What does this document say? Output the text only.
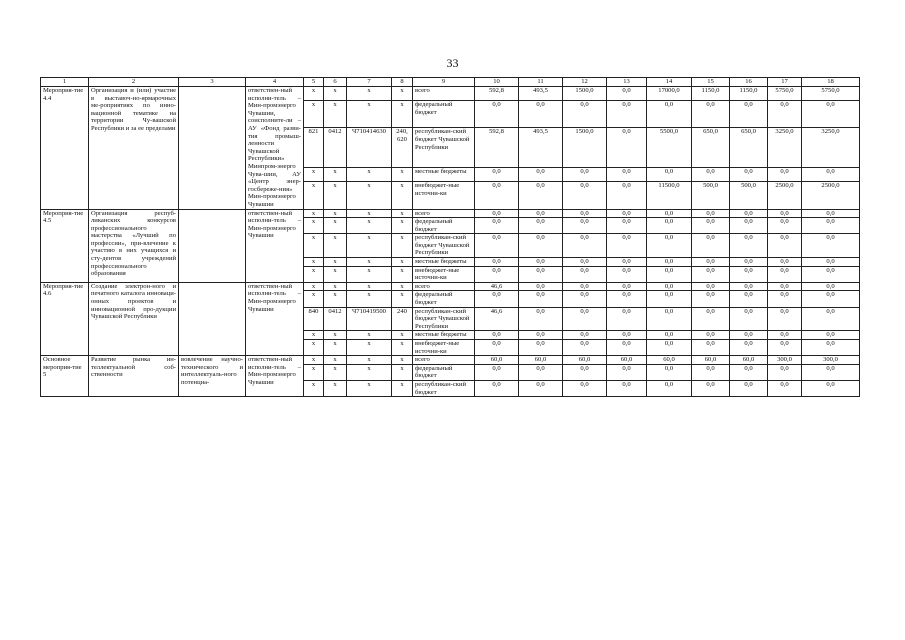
33
1	2	3	4	5	6	7	8	9	10	11	12	13	14	15	16	17	18
Мероприя-тие 4.4	Организация и (или) участие в выставоч-но-ярмарочных ме-роприятиях по инно-вационной тематике на территории Чу-вашской Республики и за ее пределами		ответствен-ный исполни-тель – Мин-промэнерго Чувашии, соисполните-ли – АУ «Фонд разви-тия промыш-ленности Чувашской Республики» Минпром-энерго Чува-шии, АУ «Центр энер-госбереже-ния» Мин-промэнерго Чувашии	х	х	х	х	всего	592,8	493,5	1500,0	0,0	17000,0	1150,0	1150,0	5750,0	5750,0
				х	х	х	х	федеральный бюджет	0,0	0,0	0,0	0,0	0,0	0,0	0,0	0,0	0,0
				821	0412	Ч710414630	240, 620	республикан-ский бюджет Чувашской Республики	592,8	493,5	1500,0	0,0	5500,0	650,0	650,0	3250,0	3250,0
				х	х	х	х	местные бюджеты	0,0	0,0	0,0	0,0	0,0	0,0	0,0	0,0	0,0
				х	х	х	х	внебюджет-ные источни-ки	0,0	0,0	0,0	0,0	11500,0	500,0	500,0	2500,0	2500,0
Мероприя-тие 4.5	Организация респуб-ликанских конкурсов профессионального мастерства «Лучший по профессии», при-влечение к участию в них учащихся и сту-дентов учреждений профессионального образования		ответствен-ный исполни-тель – Мин-промэнерго Чувашии	х	х	х	х	всего	0,0	0,0	0,0	0,0	0,0	0,0	0,0	0,0	0,0
				х	х	х	х	федеральный бюджет	0,0	0,0	0,0	0,0	0,0	0,0	0,0	0,0	0,0
				х	х	х	х	республикан-ский бюджет Чувашской Республики	0,0	0,0	0,0	0,0	0,0	0,0	0,0	0,0	0,0
				х	х	х	х	местные бюджеты	0,0	0,0	0,0	0,0	0,0	0,0	0,0	0,0	0,0
				х	х	х	х	внебюджет-ные источни-ки	0,0	0,0	0,0	0,0	0,0	0,0	0,0	0,0	0,0
Мероприя-тие 4.6	Создание электрон-ного и печатного каталога инноваци-онных проектов и инновационной про-дукции Чувашской Республики		ответствен-ный исполни-тель – Мин-промэнерго Чувашии	х	х	х	х	всего	46,6	0,0	0,0	0,0	0,0	0,0	0,0	0,0	0,0
				х	х	х	х	федеральный бюджет	0,0	0,0	0,0	0,0	0,0	0,0	0,0	0,0	0,0
				840	0412	Ч710419500	240	республикан-ский бюджет Чувашской Республики	46,6	0,0	0,0	0,0	0,0	0,0	0,0	0,0	0,0
				х	х	х	х	местные бюджеты	0,0	0,0	0,0	0,0	0,0	0,0	0,0	0,0	0,0
				х	х	х	х	внебюджет-ные источни-ки	0,0	0,0	0,0	0,0	0,0	0,0	0,0	0,0	0,0
Основное мероприя-тие 5	Развитие рынка ин-теллектуальной соб-ственности	вовлечение научно-технического и интеллектуаль-ного потенциа-	ответствен-ный исполни-тель – Мин-промэнерго Чувашии	х	х	х	х	всего	60,0	60,0	60,0	60,0	60,0	60,0	60,0	300,0	300,0
				х	х	х	х	федеральный бюджет	0,0	0,0	0,0	0,0	0,0	0,0	0,0	0,0	0,0
				х	х	х	х	республикан-ский бюджет	0,0	0,0	0,0	0,0	0,0	0,0	0,0	0,0	0,0
